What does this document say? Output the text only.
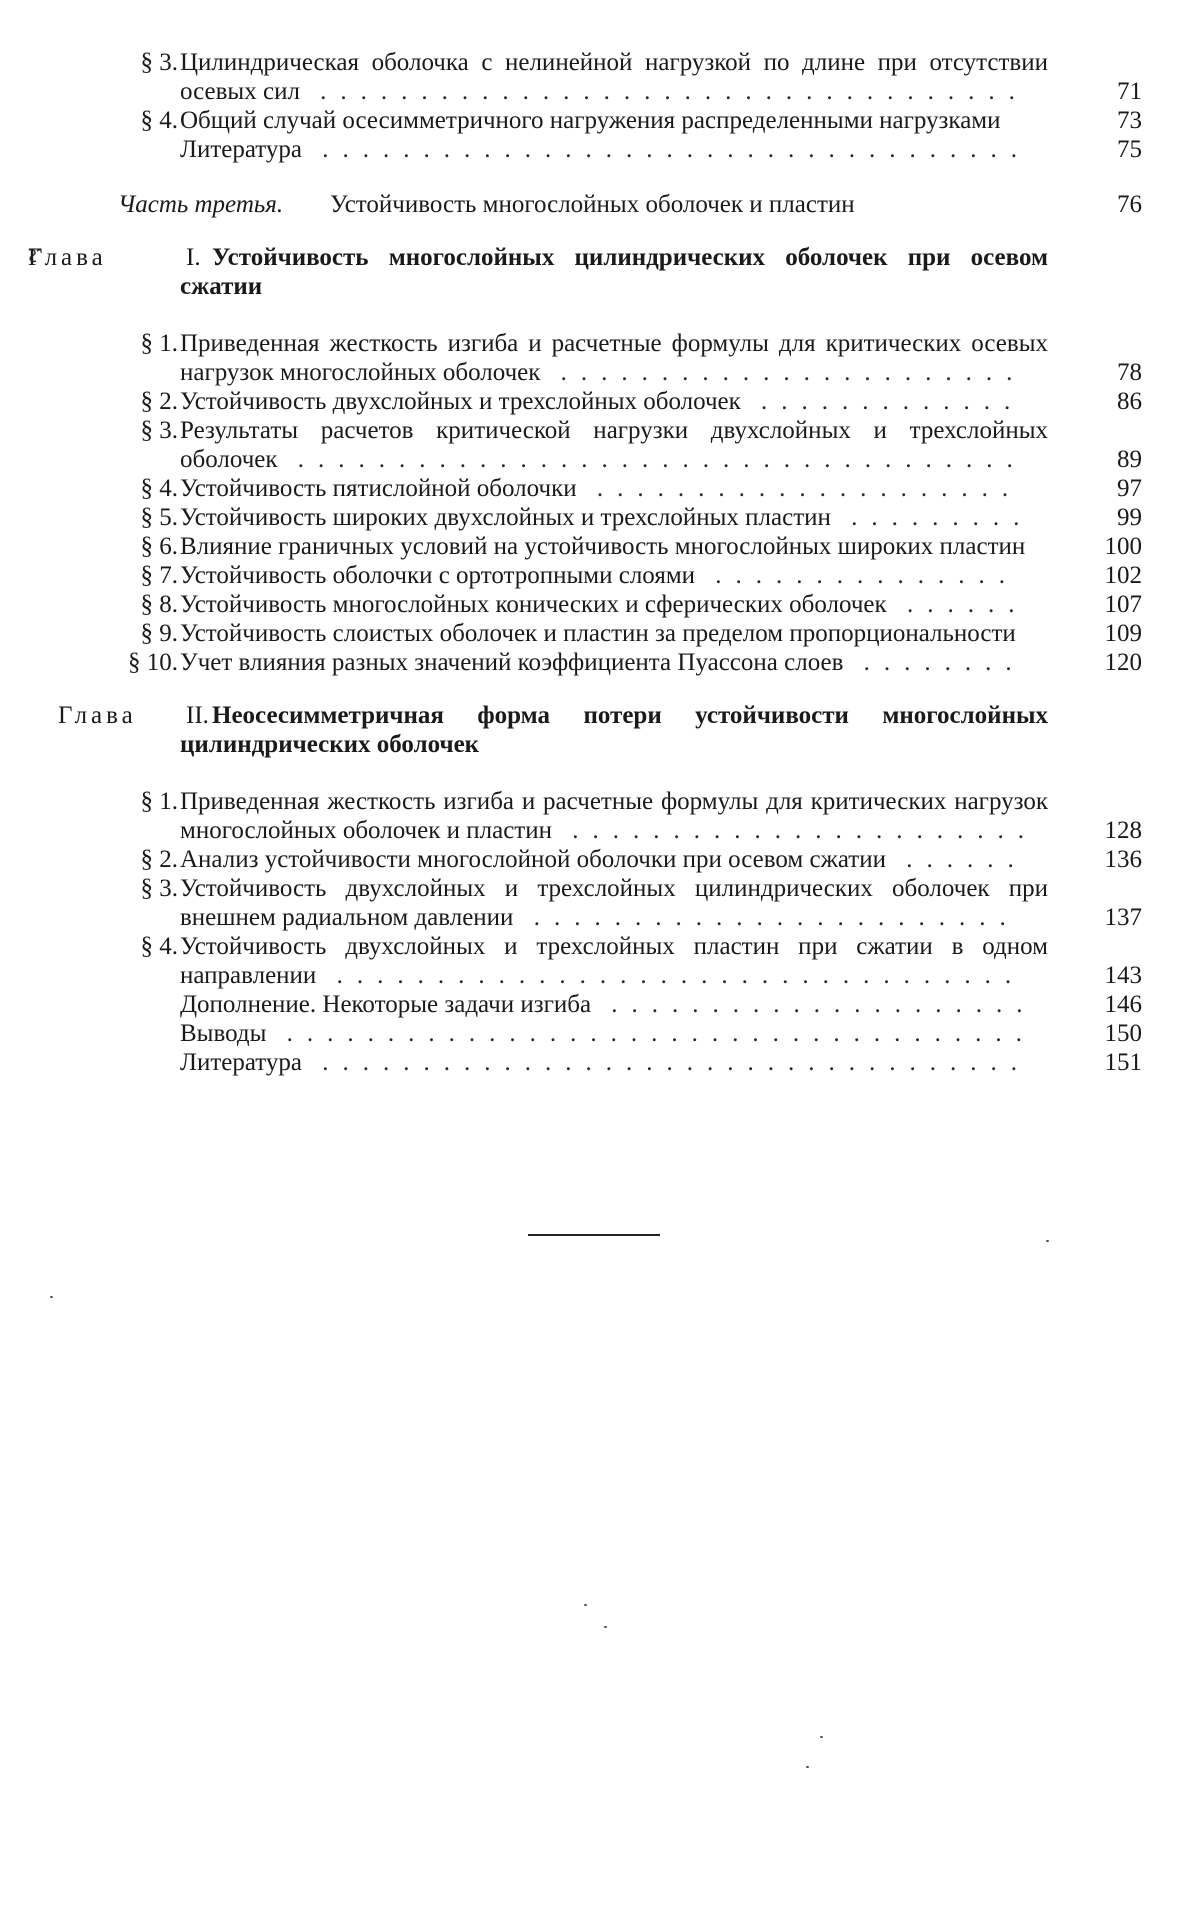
§ 3. Цилиндрическая оболочка с нелинейной нагрузкой по длине при отсутствии осевых сил ...................................	71
§ 4. Общий случай осесимметричного нагружения распределенными нагрузками	73
Литература ...................................	75
Часть третья. Устойчивость многослойных оболочек и пластин	76
Глава	I. Устойчивость многослойных цилиндрических оболочек при осевом сжатии
§ 1. Приведенная жесткость изгиба и расчетные формулы для критических осевых нагрузок многослойных оболочек .......................	78
§ 2. Устойчивость двухслойных и трехслойных оболочек .............	86
§ 3. Результаты расчетов критической нагрузки двухслойных и трехслойных оболочек ....................................	89
§ 4. Устойчивость пятислойной оболочки .....................	97
§ 5. Устойчивость широких двухслойных и трехслойных пластин .........	99
§ 6. Влияние граничных условий на устойчивость многослойных широких пластин	100
§ 7. Устойчивость оболочки с ортотропными слоями ...............	102
§ 8. Устойчивость многослойных конических и сферических оболочек ......	107
§ 9. Устойчивость слоистых оболочек и пластин за пределом пропорциональности	109
§ 10. Учет влияния разных значений коэффициента Пуассона слоев ........	120
Глава	II. Неосесимметричная форма потери устойчивости многослойных цилиндрических оболочек
§ 1. Приведенная жесткость изгиба и расчетные формулы для критических нагрузок многослойных оболочек и пластин .......................	128
§ 2. Анализ устойчивости многослойной оболочки при осевом сжатии ......	136
§ 3. Устойчивость двухслойных и трехслойных цилиндрических оболочек при внешнем радиальном давлении ........................	137
§ 4. Устойчивость двухслойных и трехслойных пластин при сжатии в одном направлении ..................................	143
Дополнение. Некоторые задачи изгиба .....................	146
Выводы .....................................	150
Литература ...................................	151
